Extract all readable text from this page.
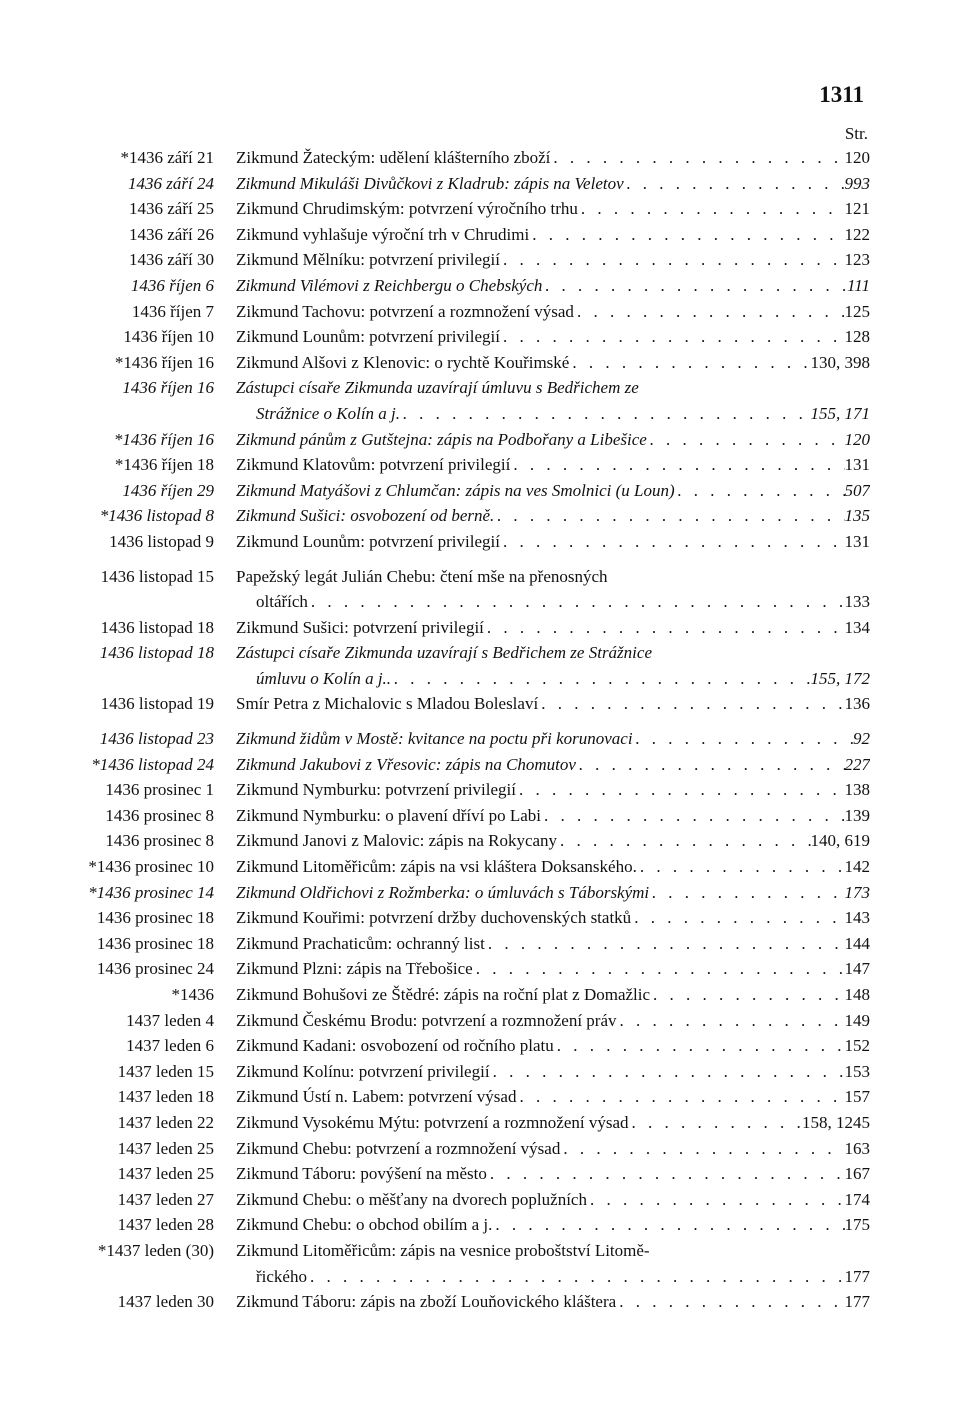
1311
Str.
*1436 září 21	Zikmund Žateckým: udělení klášterního zboží . . .	120
1436 září 24	Zikmund Mikuláši Divůčkovi z Kladrub: zápis na Veletov . . .	993
1436 září 25	Zikmund Chrudimským: potvrzení výročního trhu . . .	121
1436 září 26	Zikmund vyhlašuje výroční trh v Chrudimi . . .	122
1436 září 30	Zikmund Mělníku: potvrzení privilegií . . .	123
1436 říjen 6	Zikmund Vilémovi z Reichbergu o Chebských . . .	111
1436 říjen 7	Zikmund Tachovu: potvrzení a rozmnožení výsad . . .	125
1436 říjen 10	Zikmund Lounům: potvrzení privilegií . . .	128
*1436 říjen 16	Zikmund Alšovi z Klenovic: o rychtě Kouřimské . . .	130, 398
1436 říjen 16	Zástupci císaře Zikmunda uzavírají úmluvu s Bedřichem ze
Strážnice o Kolín a j. . . .	155, 171
*1436 říjen 16	Zikmund pánům z Gutštejna: zápis na Podbořany a Libešice . . .	120
*1436 říjen 18	Zikmund Klatovům: potvrzení privilegií . . .	131
1436 říjen 29	Zikmund Matyášovi z Chlumčan: zápis na ves Smolnici (u Loun) . . .	507
*1436 listopad 8	Zikmund Sušici: osvobození od berně. . . .	135
1436 listopad 9	Zikmund Lounům: potvrzení privilegií . . .	131
1436 listopad 15	Papežský legát Julián Chebu: čtení mše na přenosných
oltářích . . .	133
1436 listopad 18	Zikmund Sušici: potvrzení privilegií . . .	134
1436 listopad 18	Zástupci císaře Zikmunda uzavírají s Bedřichem ze Strážnice
úmluvu o Kolín a j.. . . .	155, 172
1436 listopad 19	Smír Petra z Michalovic s Mladou Boleslaví . . .	136
1436 listopad 23	Zikmund židům v Mostě: kvitance na poctu při korunovaci . . .	92
*1436 listopad 24	Zikmund Jakubovi z Vřesovic: zápis na Chomutov . . .	227
1436 prosinec 1	Zikmund Nymburku: potvrzení privilegií . . .	138
1436 prosinec 8	Zikmund Nymburku: o plavení dříví po Labi . . .	139
1436 prosinec 8	Zikmund Janovi z Malovic: zápis na Rokycany . . .	140, 619
*1436 prosinec 10	Zikmund Litoměřicům: zápis na vsi kláštera Doksanského. . . .	142
*1436 prosinec 14	Zikmund Oldřichovi z Rožmberka: o úmluvách s Táborskými . . .	173
1436 prosinec 18	Zikmund Kouřimi: potvrzení držby duchovenských statků . . .	143
1436 prosinec 18	Zikmund Prachaticům: ochranný list . . .	144
1436 prosinec 24	Zikmund Plzni: zápis na Třebošice . . .	147
*1436	Zikmund Bohušovi ze Štědré: zápis na roční plat z Domažlic . . .	148
1437 leden 4	Zikmund Českému Brodu: potvrzení a rozmnožení práv . . .	149
1437 leden 6	Zikmund Kadani: osvobození od ročního platu . . .	152
1437 leden 15	Zikmund Kolínu: potvrzení privilegií . . .	153
1437 leden 18	Zikmund Ústí n. Labem: potvrzení výsad . . .	157
1437 leden 22	Zikmund Vysokému Mýtu: potvrzení a rozmnožení výsad . . .	158, 1245
1437 leden 25	Zikmund Chebu: potvrzení a rozmnožení výsad . . .	163
1437 leden 25	Zikmund Táboru: povýšení na město . . .	167
1437 leden 27	Zikmund Chebu: o měšťany na dvorech poplužních . . .	174
1437 leden 28	Zikmund Chebu: o obchod obilím a j. . . .	175
*1437 leden (30)	Zikmund Litoměřicům: zápis na vesnice proboštství Litomě-
řického . . .	177
1437 leden 30	Zikmund Táboru: zápis na zboží Louňovického kláštera . . .	177
